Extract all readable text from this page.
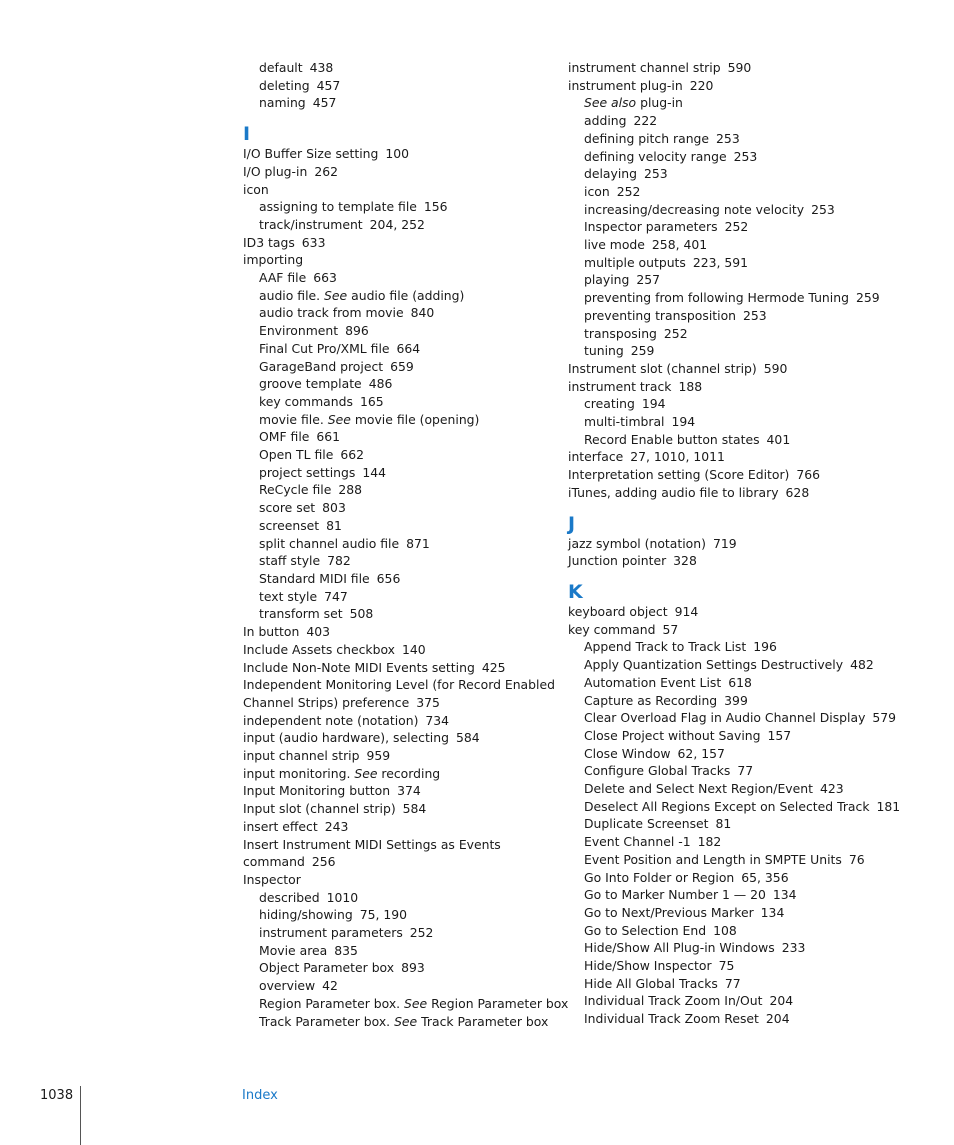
default 438
deleting 457
naming 457
I
I/O Buffer Size setting 100
I/O plug-in 262
icon
assigning to template file 156
track/instrument 204, 252
ID3 tags 633
importing
AAF file 663
audio file. See audio file (adding)
audio track from movie 840
Environment 896
Final Cut Pro/XML file 664
GarageBand project 659
groove template 486
key commands 165
movie file. See movie file (opening)
OMF file 661
Open TL file 662
project settings 144
ReCycle file 288
score set 803
screenset 81
split channel audio file 871
staff style 782
Standard MIDI file 656
text style 747
transform set 508
In button 403
Include Assets checkbox 140
Include Non-Note MIDI Events setting 425
Independent Monitoring Level (for Record Enabled
Channel Strips) preference 375
independent note (notation) 734
input (audio hardware), selecting 584
input channel strip 959
input monitoring. See recording
Input Monitoring button 374
Input slot (channel strip) 584
insert effect 243
Insert Instrument MIDI Settings as Events
command 256
Inspector
described 1010
hiding/showing 75, 190
instrument parameters 252
Movie area 835
Object Parameter box 893
overview 42
Region Parameter box. See Region Parameter box
Track Parameter box. See Track Parameter box
instrument channel strip 590
instrument plug-in 220
See also plug-in
adding 222
defining pitch range 253
defining velocity range 253
delaying 253
icon 252
increasing/decreasing note velocity 253
Inspector parameters 252
live mode 258, 401
multiple outputs 223, 591
playing 257
preventing from following Hermode Tuning 259
preventing transposition 253
transposing 252
tuning 259
Instrument slot (channel strip) 590
instrument track 188
creating 194
multi-timbral 194
Record Enable button states 401
interface 27, 1010, 1011
Interpretation setting (Score Editor) 766
iTunes, adding audio file to library 628
J
jazz symbol (notation) 719
Junction pointer 328
K
keyboard object 914
key command 57
Append Track to Track List 196
Apply Quantization Settings Destructively 482
Automation Event List 618
Capture as Recording 399
Clear Overload Flag in Audio Channel Display 579
Close Project without Saving 157
Close Window 62, 157
Configure Global Tracks 77
Delete and Select Next Region/Event 423
Deselect All Regions Except on Selected Track 181
Duplicate Screenset 81
Event Channel -1 182
Event Position and Length in SMPTE Units 76
Go Into Folder or Region 65, 356
Go to Marker Number 1 — 20 134
Go to Next/Previous Marker 134
Go to Selection End 108
Hide/Show All Plug-in Windows 233
Hide/Show Inspector 75
Hide All Global Tracks 77
Individual Track Zoom In/Out 204
Individual Track Zoom Reset 204
1038	Index
